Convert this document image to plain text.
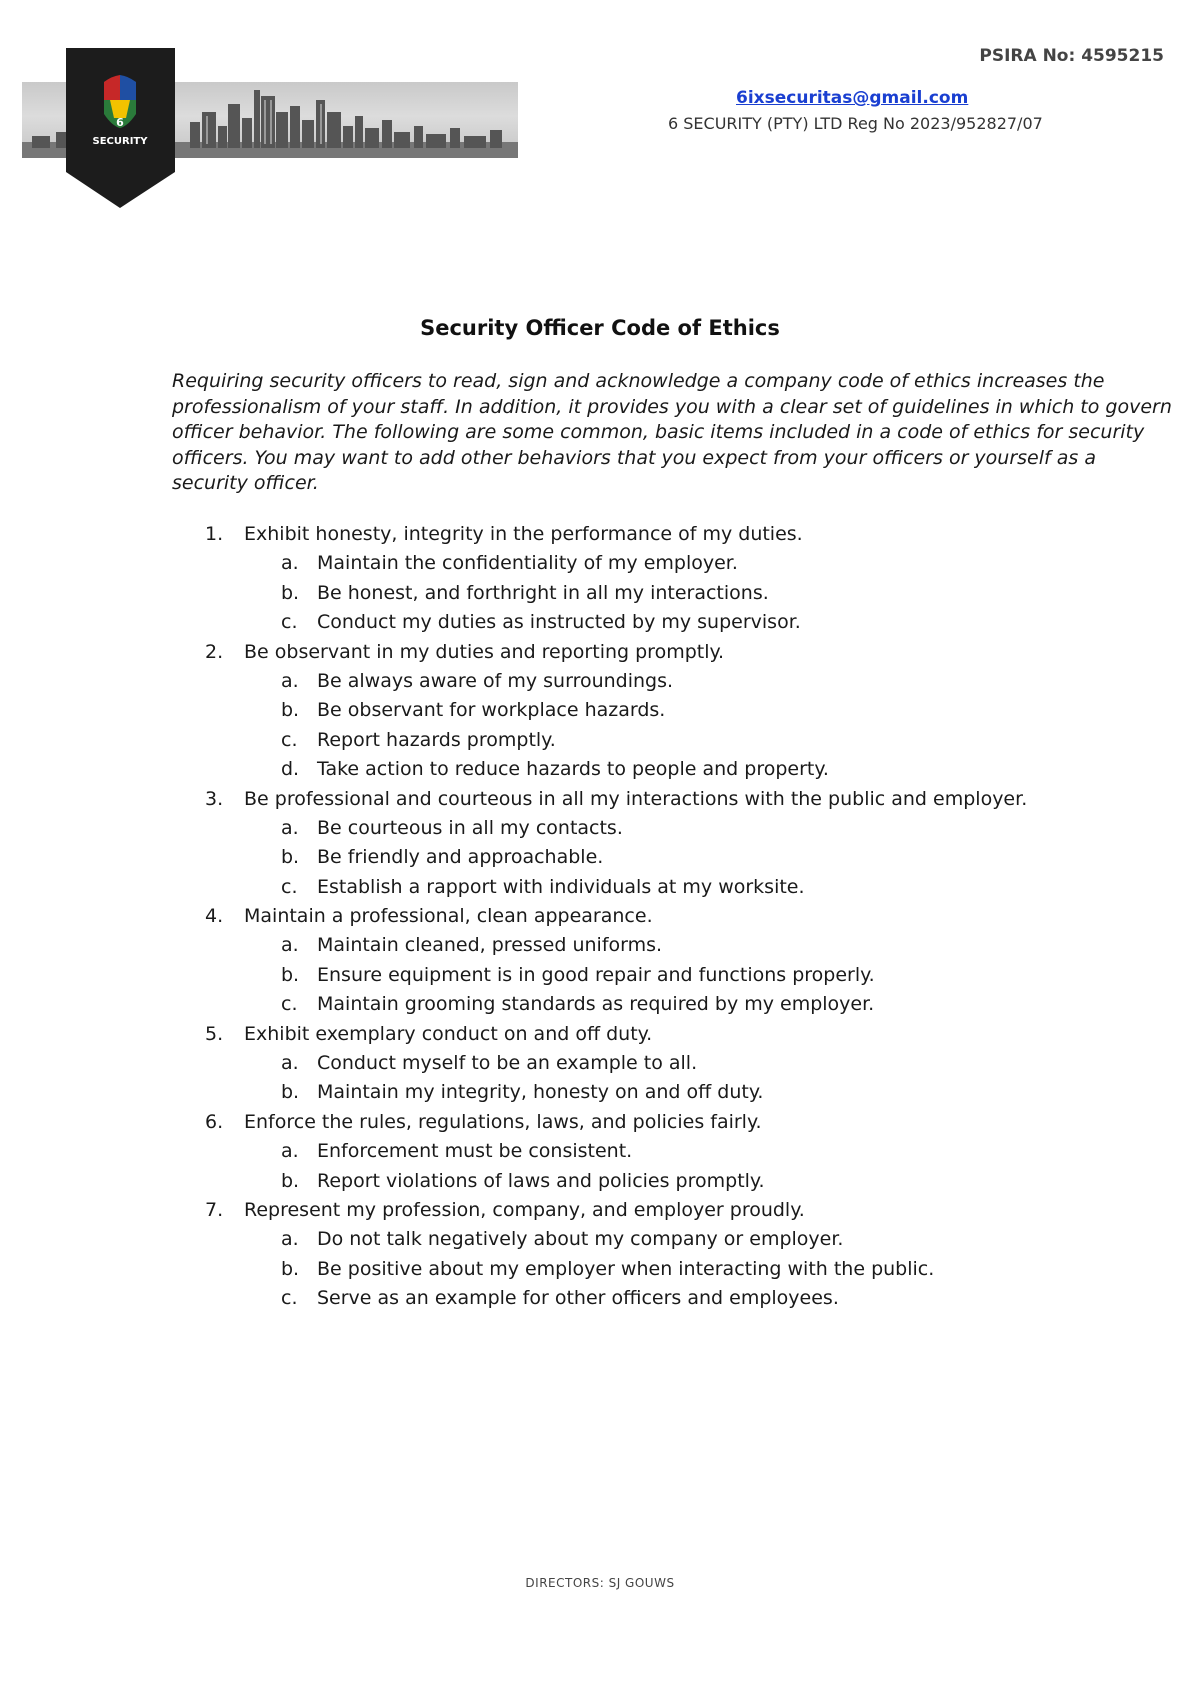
6
SECURITY
PSIRA No: 4595215
6ixsecuritas@gmail.com
6 SECURITY (PTY) LTD Reg No 2023/952827/07
Security Officer Code of Ethics
Requiring security officers to read, sign and acknowledge a company code of ethics increases the professionalism of your staff. In addition, it provides you with a clear set of guidelines in which to govern officer behavior. The following are some common, basic items included in a code of ethics for security officers. You may want to add other behaviors that you expect from your officers or yourself as a security officer.
1. Exhibit honesty, integrity in the performance of my duties.
a. Maintain the confidentiality of my employer.
b. Be honest, and forthright in all my interactions.
c. Conduct my duties as instructed by my supervisor.
2. Be observant in my duties and reporting promptly.
a. Be always aware of my surroundings.
b. Be observant for workplace hazards.
c. Report hazards promptly.
d. Take action to reduce hazards to people and property.
3. Be professional and courteous in all my interactions with the public and employer.
a. Be courteous in all my contacts.
b. Be friendly and approachable.
c. Establish a rapport with individuals at my worksite.
4. Maintain a professional, clean appearance.
a. Maintain cleaned, pressed uniforms.
b. Ensure equipment is in good repair and functions properly.
c. Maintain grooming standards as required by my employer.
5. Exhibit exemplary conduct on and off duty.
a. Conduct myself to be an example to all.
b. Maintain my integrity, honesty on and off duty.
6. Enforce the rules, regulations, laws, and policies fairly.
a. Enforcement must be consistent.
b. Report violations of laws and policies promptly.
7. Represent my profession, company, and employer proudly.
a. Do not talk negatively about my company or employer.
b. Be positive about my employer when interacting with the public.
c. Serve as an example for other officers and employees.
DIRECTORS: SJ GOUWS
